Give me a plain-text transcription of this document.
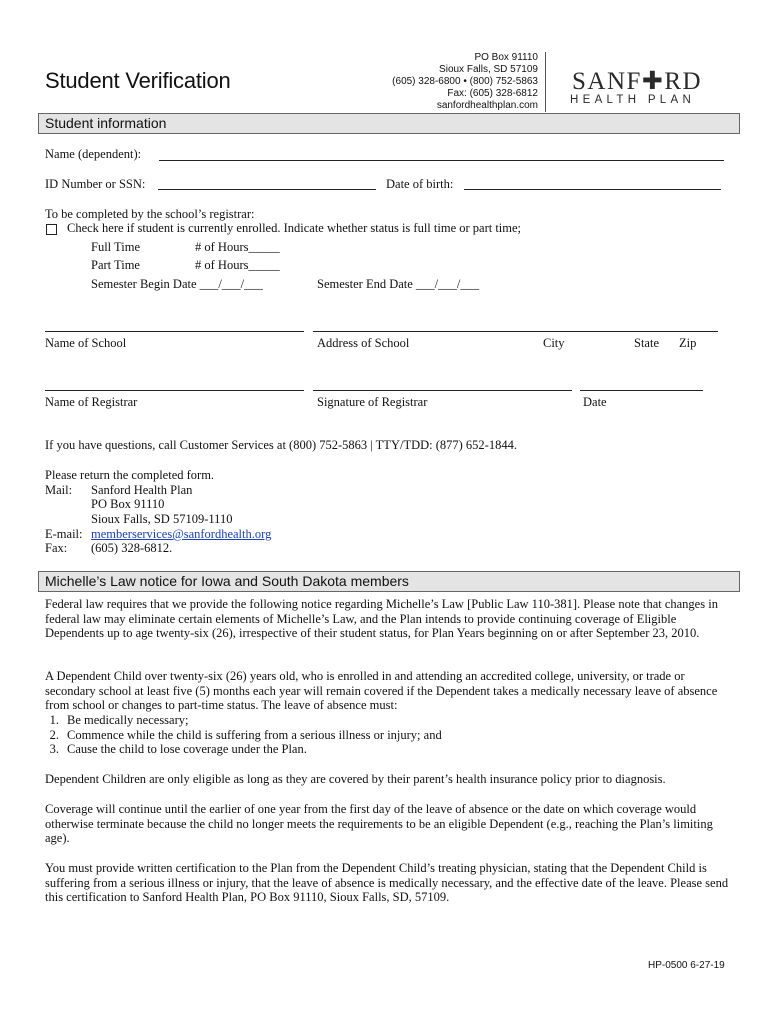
Student Verification
PO Box 91110
Sioux Falls, SD 57109
(605) 328-6800 • (800) 752-5863
Fax: (605) 328-6812
sanfordhealthplan.com
SANF✚RD
HEALTH PLAN
Student information
Name (dependent):
ID Number or SSN:	Date of birth:
To be completed by the school’s registrar:
Check here if student is currently enrolled. Indicate whether status is full time or part time;
Full Time	# of Hours_____
Part Time	# of Hours_____
Semester Begin Date ___/___/___	Semester End Date ___/___/___
Name of School	Address of School	City	State Zip
Name of Registrar	Signature of Registrar	Date
If you have questions, call Customer Services at (800) 752-5863 | TTY/TDD: (877) 652-1844.
Please return the completed form.
Mail: Sanford Health Plan
PO Box 91110
Sioux Falls, SD 57109-1110
E-mail: memberservices@sanfordhealth.org
Fax: (605) 328-6812.
Michelle’s Law notice for Iowa and South Dakota members
Federal law requires that we provide the following notice regarding Michelle’s Law [Public Law 110-381]. Please note that changes in federal law may eliminate certain elements of Michelle’s Law, and the Plan intends to provide continuing coverage of Eligible Dependents up to age twenty-six (26), irrespective of their student status, for Plan Years beginning on or after September 23, 2010.
A Dependent Child over twenty-six (26) years old, who is enrolled in and attending an accredited college, university, or trade or secondary school at least five (5) months each year will remain covered if the Dependent takes a medically necessary leave of absence from school or changes to part-time status. The leave of absence must:
1. Be medically necessary;
2. Commence while the child is suffering from a serious illness or injury; and
3. Cause the child to lose coverage under the Plan.
Dependent Children are only eligible as long as they are covered by their parent’s health insurance policy prior to diagnosis.
Coverage will continue until the earlier of one year from the first day of the leave of absence or the date on which coverage would otherwise terminate because the child no longer meets the requirements to be an eligible Dependent (e.g., reaching the Plan’s limiting age).
You must provide written certification to the Plan from the Dependent Child’s treating physician, stating that the Dependent Child is suffering from a serious illness or injury, that the leave of absence is medically necessary, and the effective date of the leave. Please send this certification to Sanford Health Plan, PO Box 91110, Sioux Falls, SD, 57109.
HP-0500 6-27-19
